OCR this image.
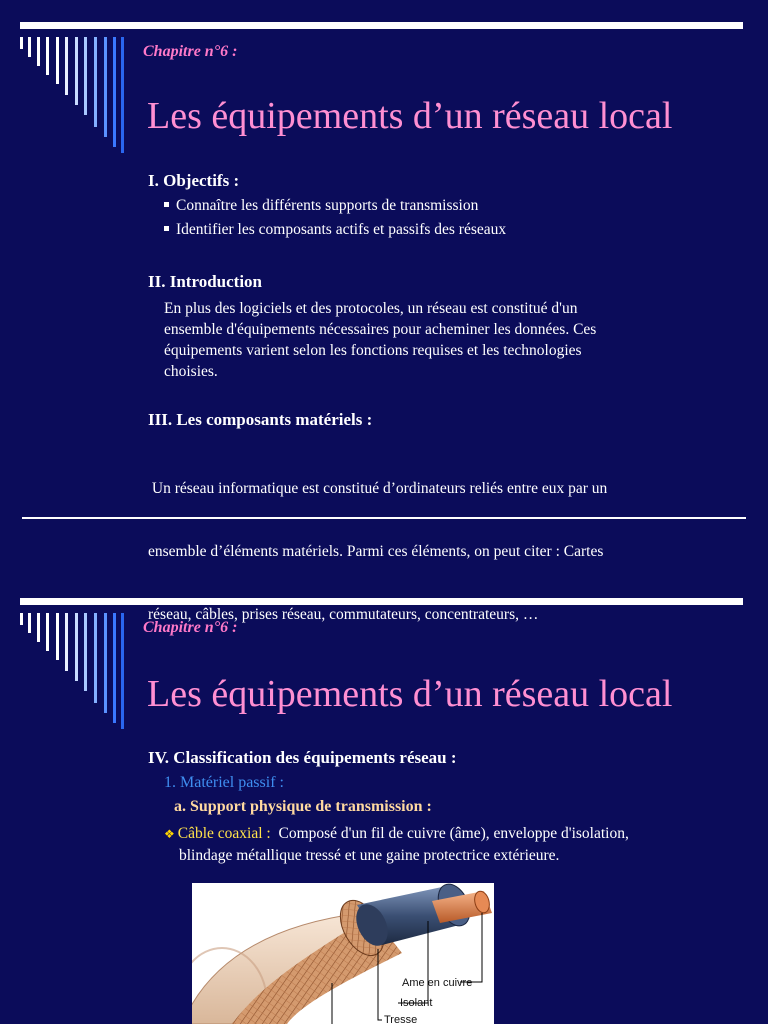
Chapitre n°6 :
Les équipements d’un réseau local
I. Objectifs :
Connaître les différents supports de transmission
Identifier les composants actifs et passifs des réseaux
II. Introduction
En plus des logiciels et des protocoles, un réseau est constitué d'un
ensemble d'équipements nécessaires pour acheminer les données. Ces
équipements varient selon les fonctions requises et les technologies
choisies.
III. Les composants matériels :

Un réseau informatique est constitué d’ordinateurs reliés entre eux par un

ensemble d’éléments matériels. Parmi ces éléments, on peut citer : Cartes

réseau, câbles, prises réseau, commutateurs, concentrateurs, …

Chapitre n°6 :
Les équipements d’un réseau local
IV. Classification des équipements réseau :
1. Matériel passif :
a. Support physique de transmission :
❖ Câble coaxial :  Composé d'un fil de cuivre (âme), enveloppe d'isolation,
blindage métallique tressé et une gaine protectrice extérieure.
Ame en cuivre
Isolant
Tresse
